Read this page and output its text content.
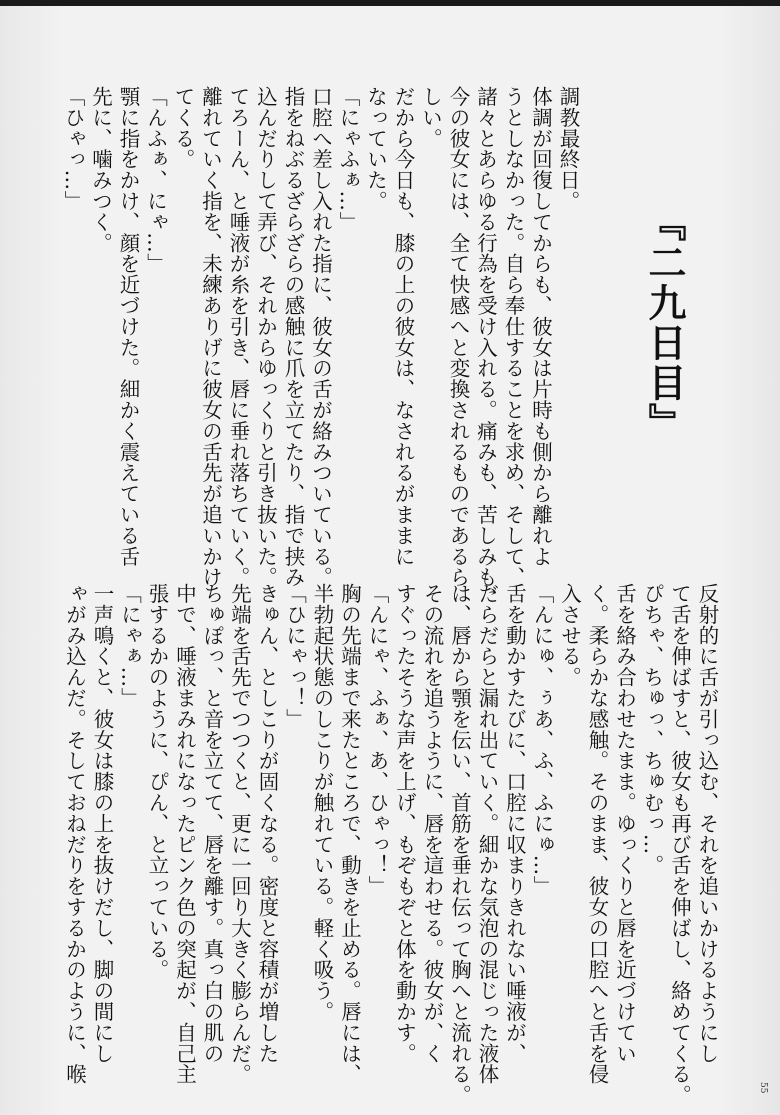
『二九日目』
調教最終日。
体調が回復してからも、彼女は片時も側から離れよ
うとしなかった。自ら奉仕することを求め、そして、
諸々とあらゆる行為を受け入れる。痛みも、苦しみも、
今の彼女には、全て快感へと変換されるものであるら
しい。
だから今日も、膝の上の彼女は、なされるがままに
なっていた。
「にゃふぁ…」
口腔へ差し入れた指に、彼女の舌が絡みついている。
指をねぶるざらざらの感触に爪を立てたり、指で挟み
込んだりして弄び、それからゆっくりと引き抜いた。
てろーん、と唾液が糸を引き、唇に垂れ落ちていく。
離れていく指を、未練ありげに彼女の舌先が追いかけ
てくる。
「んふぁ、にゃ…」
顎に指をかけ、顔を近づけた。細かく震えている舌
先に、噛みつく。
「ひゃっ…」
反射的に舌が引っ込む、それを追いかけるようにし
て舌を伸ばすと、彼女も再び舌を伸ばし、絡めてくる。
ぴちゃ、ちゅっ、ちゅむっ…。
舌を絡み合わせたまま。ゆっくりと唇を近づけてい
く。柔らかな感触。そのまま、彼女の口腔へと舌を侵
入させる。
「んにゅ、ぅあ、ふ、ふにゅ…」
舌を動かすたびに、口腔に収まりきれない唾液が、
だらだらと漏れ出ていく。細かな気泡の混じった液体
は、唇から顎を伝い、首筋を垂れ伝って胸へと流れる。
その流れを追うように、唇を這わせる。彼女が、く
すぐったそうな声を上げ、もぞもぞと体を動かす。
「んにゃ、ふぁ、あ、ひゃっ！」
胸の先端まで来たところで、動きを止める。唇には、
半勃起状態のしこりが触れている。軽く吸う。
「ひにゃっ！」
きゅん、としこりが固くなる。密度と容積が増した
先端を舌先でつつくと、更に一回り大きく膨らんだ。
ちゅぽっ、と音を立てて、唇を離す。真っ白の肌の
中で、唾液まみれになったピンク色の突起が、自己主
張するかのように、ぴん、と立っている。
「にゃぁ…」
一声鳴くと、彼女は膝の上を抜けだし、脚の間にし
ゃがみ込んだ。そしておねだりをするかのように、喉
55
